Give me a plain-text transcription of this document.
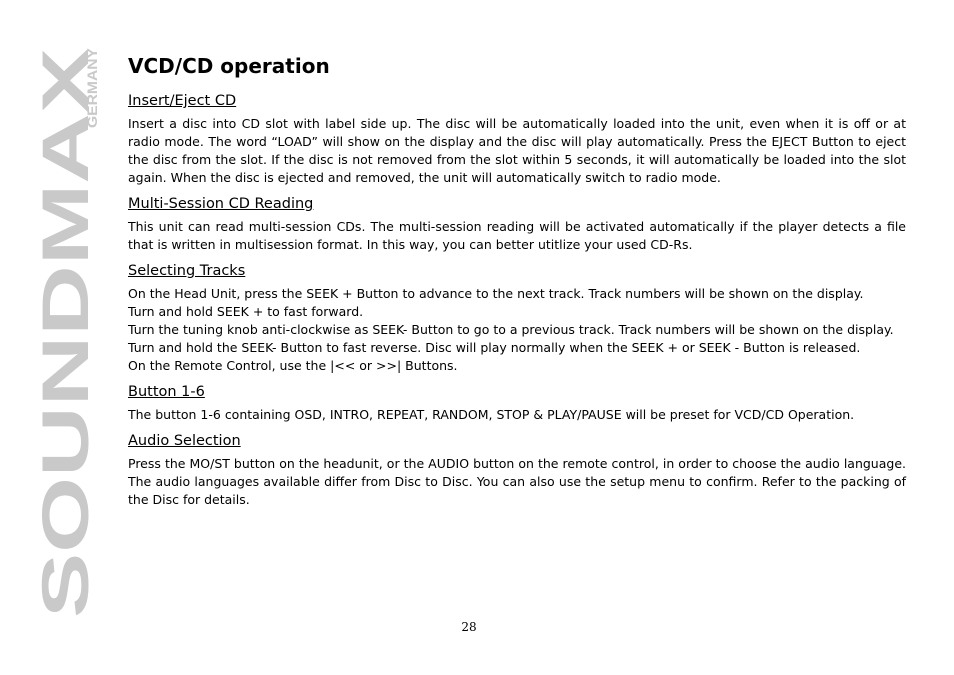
SOUNDMAX
GERMANY VCD/CD operation
Insert/Eject CD

Insert a disc into CD slot with label side up. The disc will be automatically loaded into the unit, even when it is off or at radio mode. The word “LOAD” will show on the display and the disc will play automatically. Press the EJECT Button to eject the disc from the slot. If the disc is not removed from the slot within 5 seconds, it will automatically be loaded into the slot again. When the disc is ejected and removed, the unit will automatically switch to radio mode.

Multi-Session CD Reading

This unit can read multi-session CDs. The multi-session reading will be activated automatically if the player detects a file that is written in multisession format. In this way, you can better utitlize your used CD-Rs.

Selecting Tracks

On the Head Unit, press the SEEK + Button to advance to the next track. Track numbers will be shown on the display.

Turn and hold SEEK + to fast forward.

Turn the tuning knob anti-clockwise as SEEK- Button to go to a previous track. Track numbers will be shown on the display.

Turn and hold the SEEK- Button to fast reverse. Disc will play normally when the SEEK + or SEEK - Button is released.

On the Remote Control, use the |<< or >>| Buttons.

Button 1-6

The button 1-6 containing OSD, INTRO, REPEAT, RANDOM, STOP & PLAY/PAUSE will be preset for VCD/CD Operation.

Audio Selection

Press the MO/ST button on the headunit, or the AUDIO button on the remote control, in order to choose the audio language. The audio languages available differ from Disc to Disc. You can also use the setup menu to confirm. Refer to the packing of the Disc for details.

28
